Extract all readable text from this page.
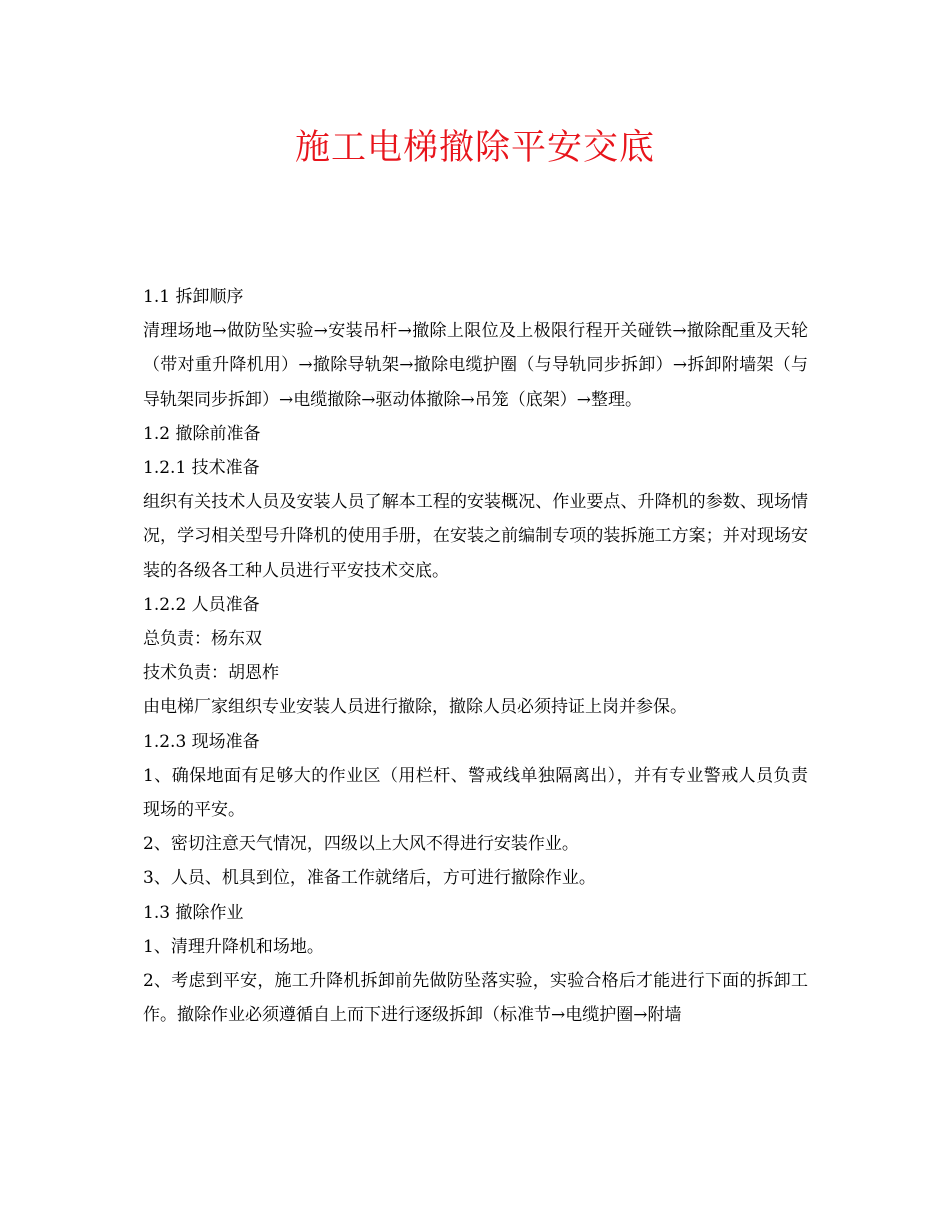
施工电梯撤除平安交底

1.1 拆卸顺序

清理场地→做防坠实验→安装吊杆→撤除上限位及上极限行程开关碰铁→撤除配重及天轮（带对重升降机用）→撤除导轨架→撤除电缆护圈（与导轨同步拆卸）→拆卸附墙架（与导轨架同步拆卸）→电缆撤除→驱动体撤除→吊笼（底架）→整理。

1.2 撤除前准备

1.2.1 技术准备

组织有关技术人员及安装人员了解本工程的安装概况、作业要点、升降机的参数、现场情况，学习相关型号升降机的使用手册，在安装之前编制专项的装拆施工方案；并对现场安装的各级各工种人员进行平安技术交底。

1.2.2 人员准备

总负责：杨东双

技术负责：胡恩柞

由电梯厂家组织专业安装人员进行撤除，撤除人员必须持证上岗并参保。

1.2.3 现场准备

1、确保地面有足够大的作业区（用栏杆、警戒线单独隔离出），并有专业警戒人员负责现场的平安。

2、密切注意天气情况，四级以上大风不得进行安装作业。

3、人员、机具到位，准备工作就绪后，方可进行撤除作业。

1.3 撤除作业

1、清理升降机和场地。

2、考虑到平安，施工升降机拆卸前先做防坠落实验，实验合格后才能进行下面的拆卸工作。撤除作业必须遵循自上而下进行逐级拆卸（标准节→电缆护圈→附墙
